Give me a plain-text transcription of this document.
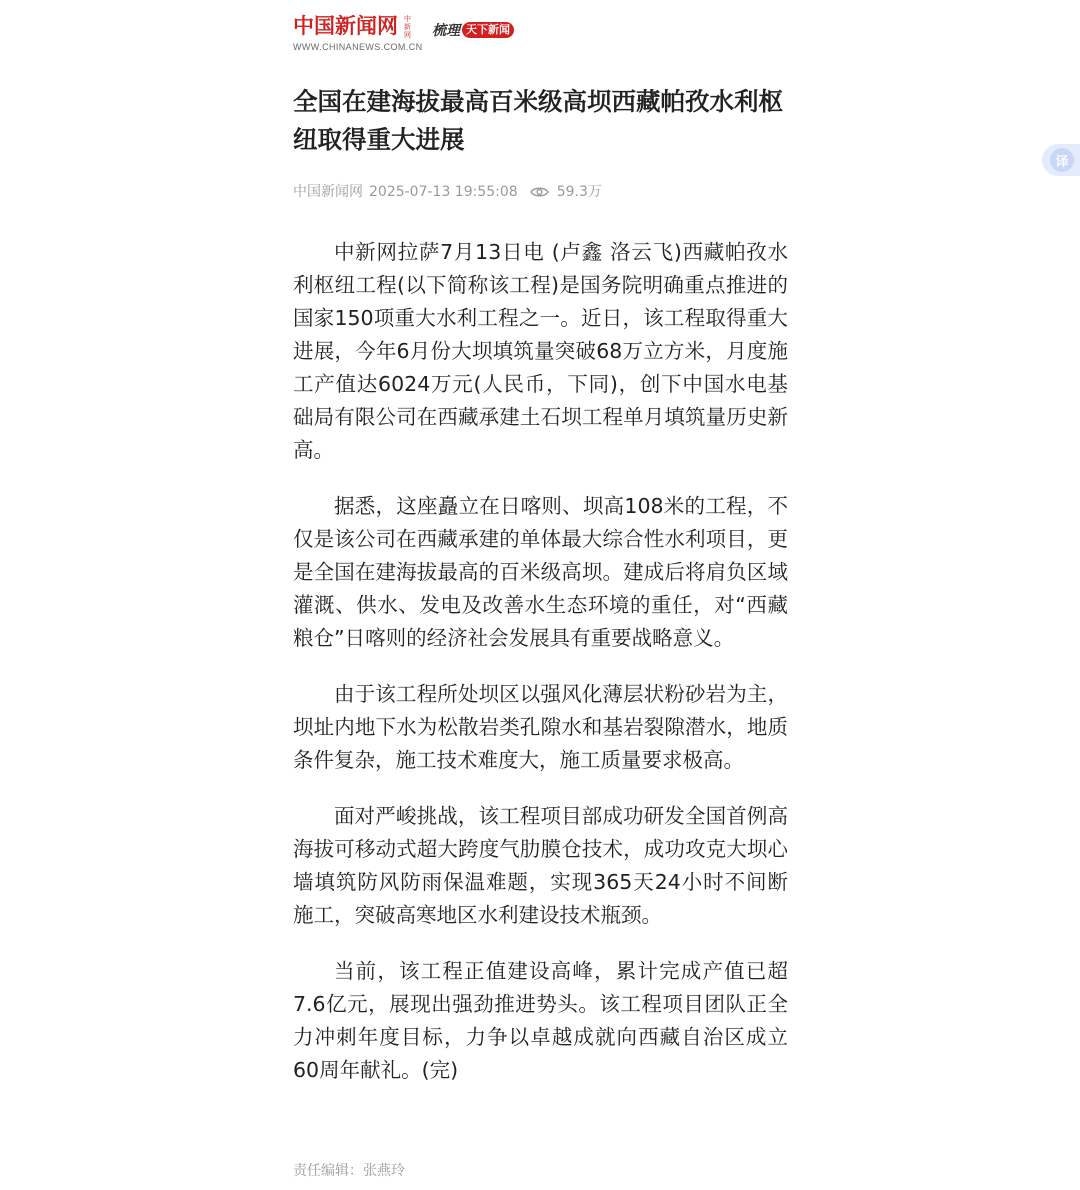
中国新闻网 中新网
WWW.CHINANEWS.COM.CN
梳理 天下新闻
全国在建海拔最高百米级高坝西藏帕孜水利枢纽取得重大进展
中国新闻网 2025-07-13 19:55:08	59.3万

中新网拉萨7月13日电 (卢鑫 洛云飞)西藏帕孜水利枢纽工程(以下简称该工程)是国务院明确重点推进的国家150项重大水利工程之一。近日，该工程取得重大进展，今年6月份大坝填筑量突破68万立方米，月度施工产值达6024万元(人民币，下同)，创下中国水电基础局有限公司在西藏承建土石坝工程单月填筑量历史新高。

据悉，这座矗立在日喀则、坝高108米的工程，不仅是该公司在西藏承建的单体最大综合性水利项目，更是全国在建海拔最高的百米级高坝。建成后将肩负区域灌溉、供水、发电及改善水生态环境的重任，对“西藏粮仓”日喀则的经济社会发展具有重要战略意义。

由于该工程所处坝区以强风化薄层状粉砂岩为主，坝址内地下水为松散岩类孔隙水和基岩裂隙潜水，地质条件复杂，施工技术难度大，施工质量要求极高。

面对严峻挑战，该工程项目部成功研发全国首例高海拔可移动式超大跨度气肋膜仓技术，成功攻克大坝心墙填筑防风防雨保温难题，实现365天24小时不间断施工，突破高寒地区水利建设技术瓶颈。

当前，该工程正值建设高峰，累计完成产值已超7.6亿元，展现出强劲推进势头。该工程项目团队正全力冲刺年度目标，力争以卓越成就向西藏自治区成立60周年献礼。(完)

责任编辑：张燕玲
译
